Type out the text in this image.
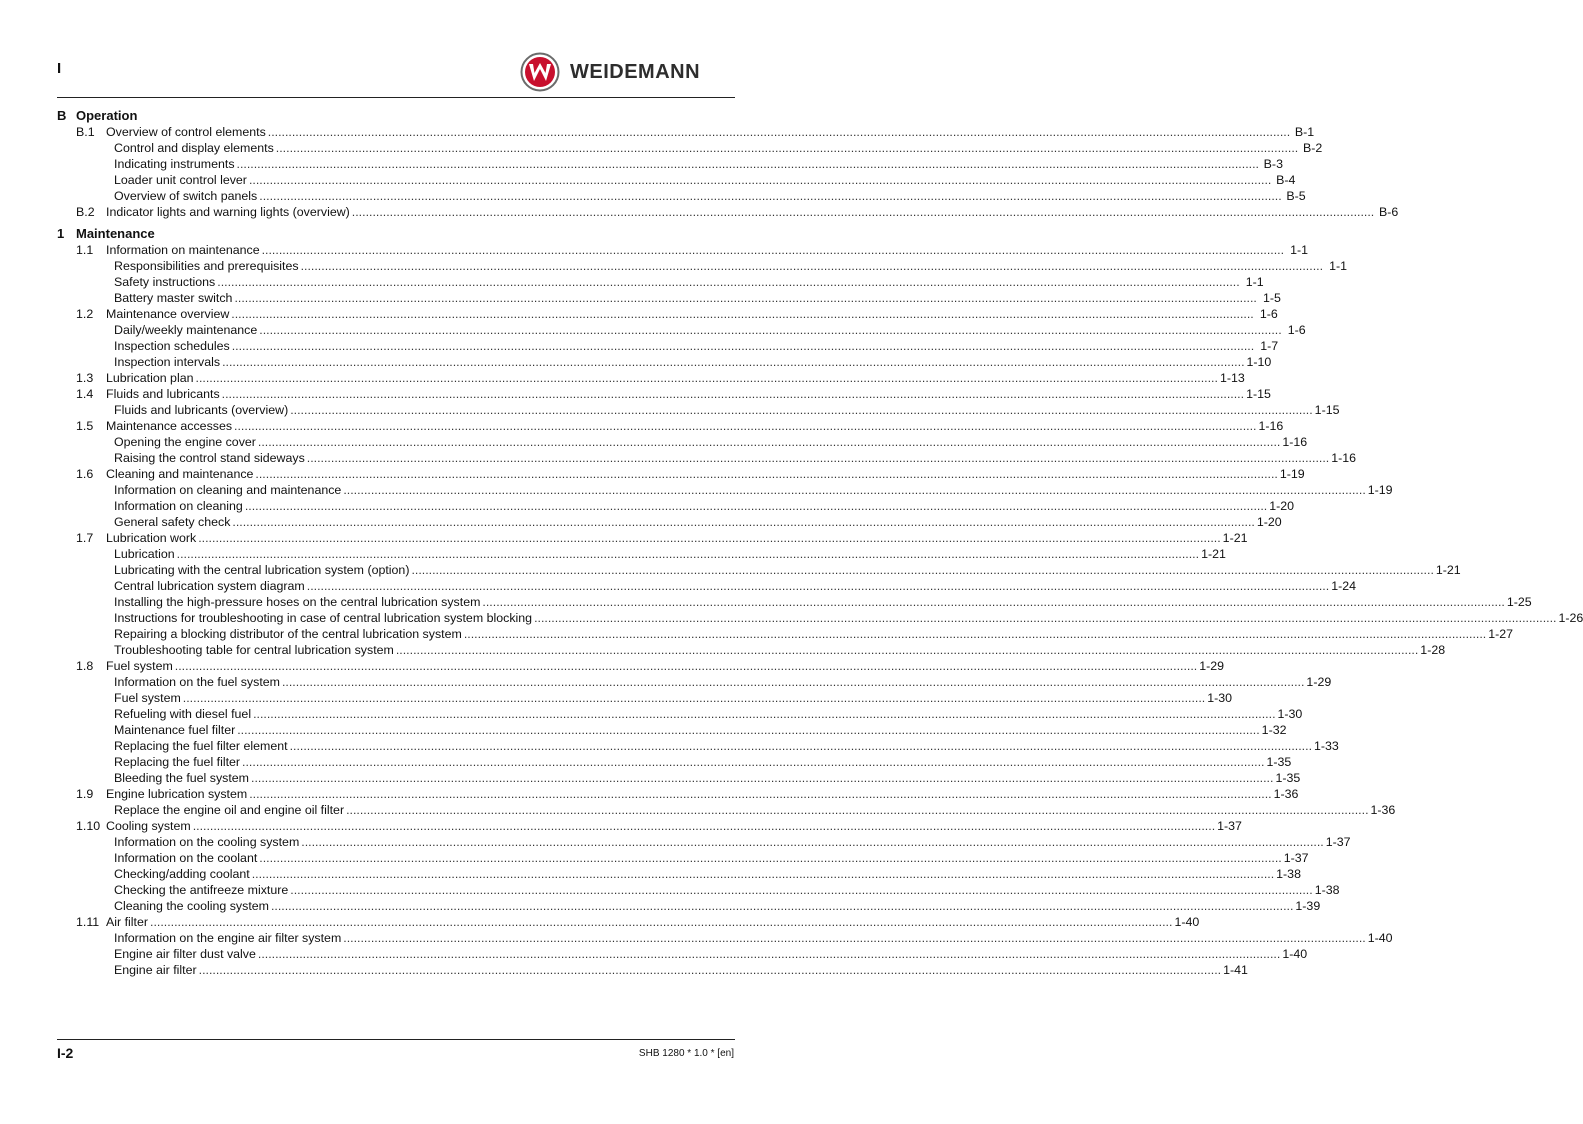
I	WEIDEMANN
B Operation
B.1 Overview of control elements .....	B-1
Control and display elements .....	B-2
Indicating instruments .....	B-3
Loader unit control lever .....	B-4
Overview of switch panels .....	B-5
B.2 Indicator lights and warning lights (overview) .....	B-6
1 Maintenance
1.1	Information on maintenance .....	1-1
Responsibilities and prerequisites .....	1-1
Safety instructions .....	1-1
Battery master switch .....	1-5
1.2	Maintenance overview .....	1-6
Daily/weekly maintenance .....	1-6
Inspection schedules .....	1-7
Inspection intervals .....	1-10
1.3	Lubrication plan .....	1-13
1.4	Fluids and lubricants .....	1-15
Fluids and lubricants (overview) .....	1-15
1.5	Maintenance accesses .....	1-16
Opening the engine cover .....	1-16
Raising the control stand sideways .....	1-16
1.6	Cleaning and maintenance .....	1-19
Information on cleaning and maintenance .....	1-19
Information on cleaning .....	1-20
General safety check .....	1-20
1.7	Lubrication work .....	1-21
Lubrication .....	1-21
Lubricating with the central lubrication system (option) .....	1-21
Central lubrication system diagram .....	1-24
Installing the high-pressure hoses on the central lubrication system .....	1-25
Instructions for troubleshooting in case of central lubrication system blocking .....	1-26
Repairing a blocking distributor of the central lubrication system .....	1-27
Troubleshooting table for central lubrication system .....	1-28
1.8	Fuel system .....	1-29
Information on the fuel system .....	1-29
Fuel system .....	1-30
Refueling with diesel fuel .....	1-30
Maintenance fuel filter .....	1-32
Replacing the fuel filter element .....	1-33
Replacing the fuel filter .....	1-35
Bleeding the fuel system .....	1-35
1.9	Engine lubrication system .....	1-36
Replace the engine oil and engine oil filter .....	1-36
1.10 Cooling system .....	1-37
Information on the cooling system .....	1-37
Information on the coolant .....	1-37
Checking/adding coolant .....	1-38
Checking the antifreeze mixture .....	1-38
Cleaning the cooling system .....	1-39
1.11 Air filter .....	1-40
Information on the engine air filter system .....	1-40
Engine air filter dust valve .....	1-40
Engine air filter .....	1-41
I-2	SHB 1280 * 1.0 * [en]
